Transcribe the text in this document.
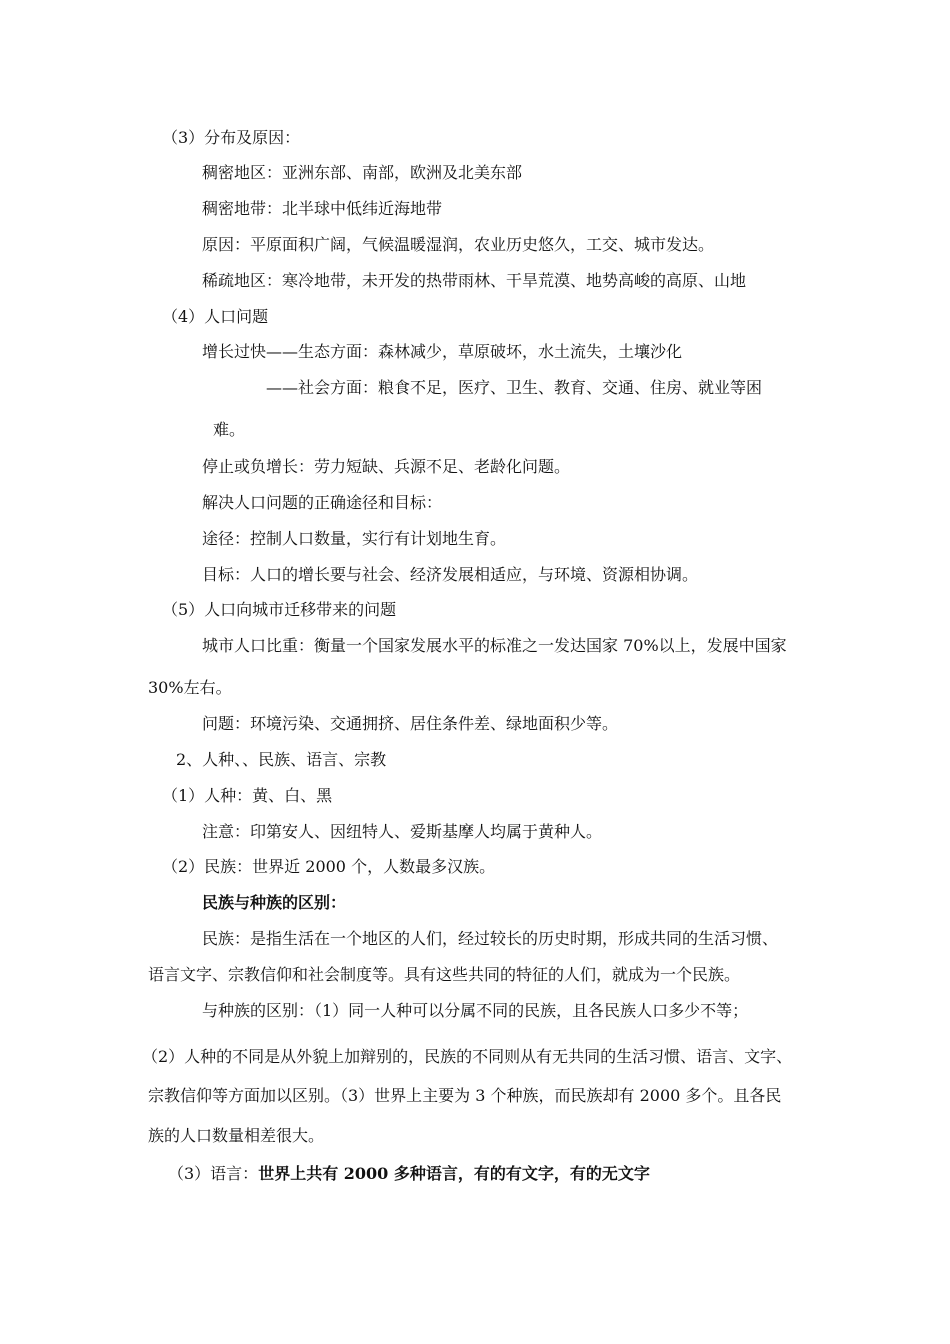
（3）分布及原因：
稠密地区：亚洲东部、南部，欧洲及北美东部
稠密地带：北半球中低纬近海地带
原因：平原面积广阔，气候温暖湿润，农业历史悠久，工交、城市发达。
稀疏地区：寒冷地带，未开发的热带雨林、干旱荒漠、地势高峻的高原、山地
（4）人口问题
增长过快——生态方面：森林减少，草原破坏，水土流失，土壤沙化
——社会方面：粮食不足，医疗、卫生、教育、交通、住房、就业等困
难。
停止或负增长：劳力短缺、兵源不足、老龄化问题。
解决人口问题的正确途径和目标：
途径：控制人口数量，实行有计划地生育。
目标：人口的增长要与社会、经济发展相适应，与环境、资源相协调。
（5）人口向城市迁移带来的问题
城市人口比重：衡量一个国家发展水平的标准之一发达国家 70%以上，发展中国家
30%左右。
问题：环境污染、交通拥挤、居住条件差、绿地面积少等。
2、人种、、民族、语言、宗教
（1）人种：黄、白、黑
注意：印第安人、因纽特人、爱斯基摩人均属于黄种人。
（2）民族：世界近 2000 个，人数最多汉族。
民族与种族的区别：
民族：是指生活在一个地区的人们，经过较长的历史时期，形成共同的生活习惯、
语言文字、宗教信仰和社会制度等。具有这些共同的特征的人们，就成为一个民族。
与种族的区别：（1）同一人种可以分属不同的民族，且各民族人口多少不等；
（2）人种的不同是从外貌上加辩别的，民族的不同则从有无共同的生活习惯、语言、文字、
宗教信仰等方面加以区别。（3）世界上主要为 3 个种族，而民族却有 2000 多个。且各民
族的人口数量相差很大。
（3）语言：世界上共有 2000 多种语言，有的有文字，有的无文字
